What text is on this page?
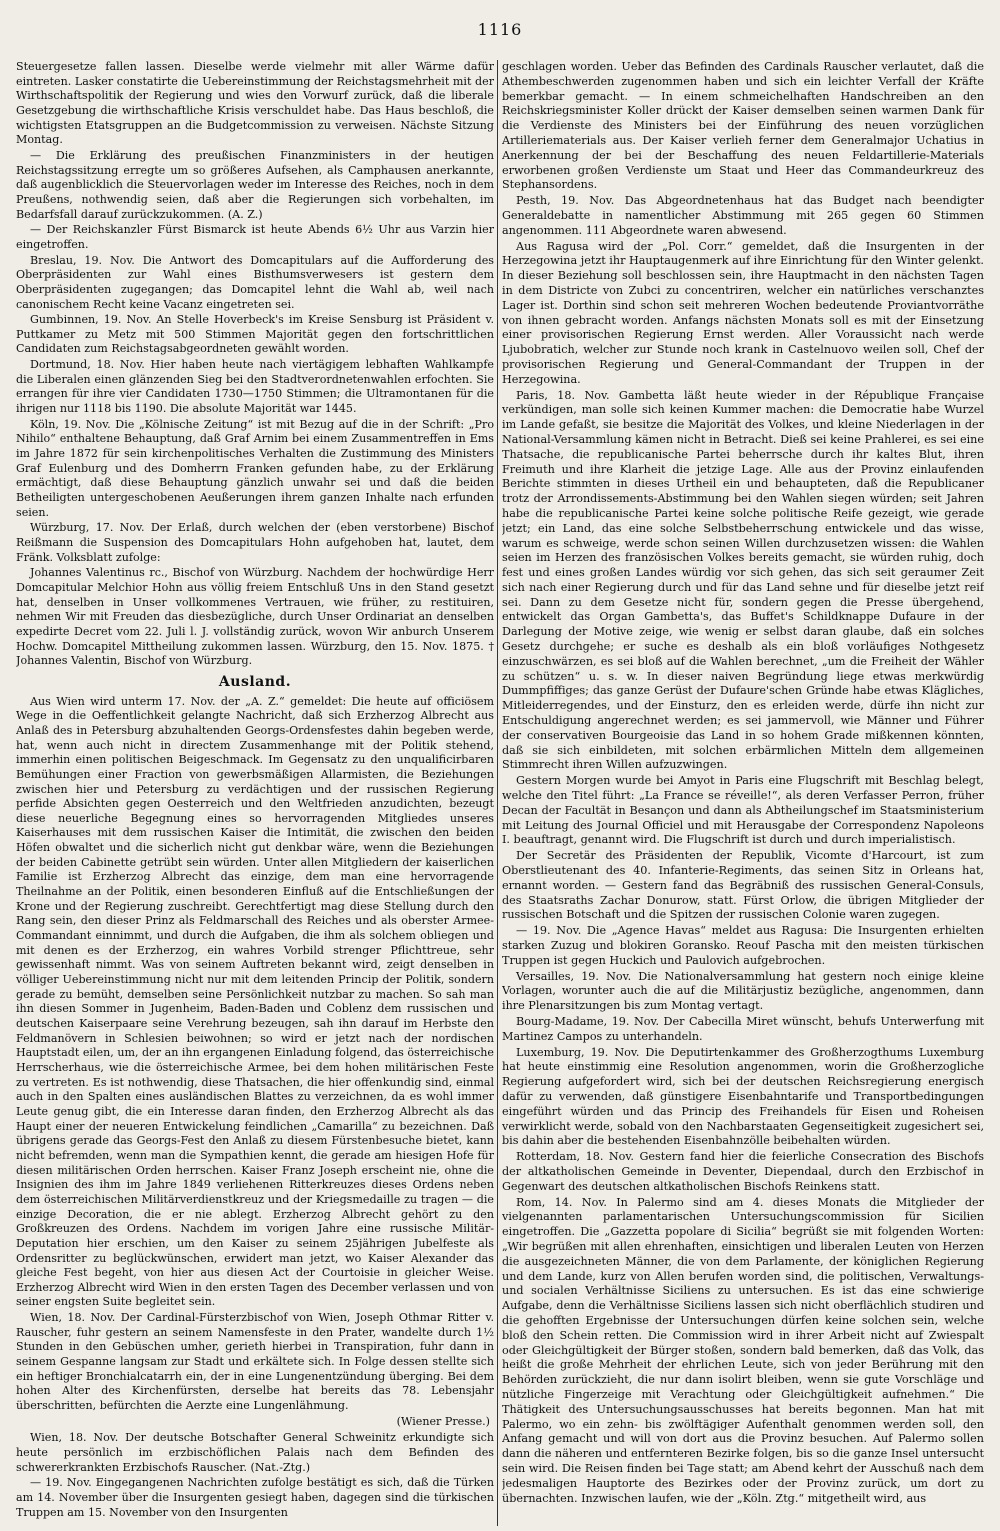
1116

Steuergesetze fallen lassen. Dieselbe werde vielmehr mit aller Wärme dafür eintreten. Lasker constatirte die Uebereinstimmung der Reichstagsmehrheit mit der Wirthschaftspolitik der Regierung und wies den Vorwurf zurück, daß die liberale Gesetzgebung die wirthschaftliche Krisis verschuldet habe. Das Haus beschloß, die wichtigsten Etatsgruppen an die Budgetcommission zu verweisen. Nächste Sitzung Montag.

— Die Erklärung des preußischen Finanzministers in der heutigen Reichstagssitzung erregte um so größeres Aufsehen, als Camphausen anerkannte, daß augenblicklich die Steuervorlagen weder im Interesse des Reiches, noch in dem Preußens, nothwendig seien, daß aber die Regierungen sich vorbehalten, im Bedarfsfall darauf zurückzukommen. (A. Z.)

— Der Reichskanzler Fürst Bismarck ist heute Abends 6½ Uhr aus Varzin hier eingetroffen.

Breslau, 19. Nov. Die Antwort des Domcapitulars auf die Aufforderung des Oberpräsidenten zur Wahl eines Bisthumsverwesers ist gestern dem Oberpräsidenten zugegangen; das Domcapitel lehnt die Wahl ab, weil nach canonischem Recht keine Vacanz eingetreten sei.

Gumbinnen, 19. Nov. An Stelle Hoverbeck's im Kreise Sensburg ist Präsident v. Puttkamer zu Metz mit 500 Stimmen Majorität gegen den fortschrittlichen Candidaten zum Reichstagsabgeordneten gewählt worden.

Dortmund, 18. Nov. Hier haben heute nach viertägigem lebhaften Wahlkampfe die Liberalen einen glänzenden Sieg bei den Stadtverordnetenwahlen erfochten. Sie errangen für ihre vier Candidaten 1730—1750 Stimmen; die Ultramontanen für die ihrigen nur 1118 bis 1190. Die absolute Majorität war 1445.

Köln, 19. Nov. Die „Kölnische Zeitung“ ist mit Bezug auf die in der Schrift: „Pro Nihilo“ enthaltene Behauptung, daß Graf Arnim bei einem Zusammentreffen in Ems im Jahre 1872 für sein kirchenpolitisches Verhalten die Zustimmung des Ministers Graf Eulenburg und des Domherrn Franken gefunden habe, zu der Erklärung ermächtigt, daß diese Behauptung gänzlich unwahr sei und daß die beiden Betheiligten untergeschobenen Aeußerungen ihrem ganzen Inhalte nach erfunden seien.

Würzburg, 17. Nov. Der Erlaß, durch welchen der (eben verstorbene) Bischof Reißmann die Suspension des Domcapitulars Hohn aufgehoben hat, lautet, dem Fränk. Volksblatt zufolge:

Johannes Valentinus rc., Bischof von Würzburg. Nachdem der hochwürdige Herr Domcapitular Melchior Hohn aus völlig freiem Entschluß Uns in den Stand gesetzt hat, denselben in Unser vollkommenes Vertrauen, wie früher, zu restituiren, nehmen Wir mit Freuden das diesbezügliche, durch Unser Ordinariat an denselben expedirte Decret vom 22. Juli l. J. vollständig zurück, wovon Wir anburch Unserem Hochw. Domcapitel Mittheilung zukommen lassen. Würzburg, den 15. Nov. 1875. † Johannes Valentin, Bischof von Würzburg.

Ausland.

Aus Wien wird unterm 17. Nov. der „A. Z.“ gemeldet: Die heute auf officiösem Wege in die Oeffentlichkeit gelangte Nachricht, daß sich Erzherzog Albrecht aus Anlaß des in Petersburg abzuhaltenden Georgs-Ordensfestes dahin begeben werde, hat, wenn auch nicht in directem Zusammenhange mit der Politik stehend, immerhin einen politischen Beigeschmack. Im Gegensatz zu den unqualificirbaren Bemühungen einer Fraction von gewerbsmäßigen Allarmisten, die Beziehungen zwischen hier und Petersburg zu verdächtigen und der russischen Regierung perfide Absichten gegen Oesterreich und den Weltfrieden anzudichten, bezeugt diese neuerliche Begegnung eines so hervorragenden Mitgliedes unseres Kaiserhauses mit dem russischen Kaiser die Intimität, die zwischen den beiden Höfen obwaltet und die sicherlich nicht gut denkbar wäre, wenn die Beziehungen der beiden Cabinette getrübt sein würden. Unter allen Mitgliedern der kaiserlichen Familie ist Erzherzog Albrecht das einzige, dem man eine hervorragende Theilnahme an der Politik, einen besonderen Einfluß auf die Entschließungen der Krone und der Regierung zuschreibt. Gerechtfertigt mag diese Stellung durch den Rang sein, den dieser Prinz als Feldmarschall des Reiches und als oberster Armee-Commandant einnimmt, und durch die Aufgaben, die ihm als solchem obliegen und mit denen es der Erzherzog, ein wahres Vorbild strenger Pflichttreue, sehr gewissenhaft nimmt. Was von seinem Auftreten bekannt wird, zeigt denselben in völliger Uebereinstimmung nicht nur mit dem leitenden Princip der Politik, sondern gerade zu bemüht, demselben seine Persönlichkeit nutzbar zu machen. So sah man ihn diesen Sommer in Jugenheim, Baden-Baden und Coblenz dem russischen und deutschen Kaiserpaare seine Verehrung bezeugen, sah ihn darauf im Herbste den Feldmanövern in Schlesien beiwohnen; so wird er jetzt nach der nordischen Hauptstadt eilen, um, der an ihn ergangenen Einladung folgend, das österreichische Herrscherhaus, wie die österreichische Armee, bei dem hohen militärischen Feste zu vertreten. Es ist nothwendig, diese Thatsachen, die hier offenkundig sind, einmal auch in den Spalten eines ausländischen Blattes zu verzeichnen, da es wohl immer Leute genug gibt, die ein Interesse daran finden, den Erzherzog Albrecht als das Haupt einer der neueren Entwickelung feindlichen „Camarilla“ zu bezeichnen. Daß übrigens gerade das Georgs-Fest den Anlaß zu diesem Fürstenbesuche bietet, kann nicht befremden, wenn man die Sympathien kennt, die gerade am hiesigen Hofe für diesen militärischen Orden herrschen. Kaiser Franz Joseph erscheint nie, ohne die Insignien des ihm im Jahre 1849 verliehenen Ritterkreuzes dieses Ordens neben dem österreichischen Militärverdienstkreuz und der Kriegsmedaille zu tragen — die einzige Decoration, die er nie ablegt. Erzherzog Albrecht gehört zu den Großkreuzen des Ordens. Nachdem im vorigen Jahre eine russische Militär-Deputation hier erschien, um den Kaiser zu seinem 25jährigen Jubelfeste als Ordensritter zu beglückwünschen, erwidert man jetzt, wo Kaiser Alexander das gleiche Fest begeht, von hier aus diesen Act der Courtoisie in gleicher Weise. Erzherzog Albrecht wird Wien in den ersten Tagen des December verlassen und von seiner engsten Suite begleitet sein.

Wien, 18. Nov. Der Cardinal-Fürsterzbischof von Wien, Joseph Othmar Ritter v. Rauscher, fuhr gestern an seinem Namensfeste in den Prater, wandelte durch 1½ Stunden in den Gebüschen umher, gerieth hierbei in Transpiration, fuhr dann in seinem Gespanne langsam zur Stadt und erkältete sich. In Folge dessen stellte sich ein heftiger Bronchialcatarrh ein, der in eine Lungenentzündung überging. Bei dem hohen Alter des Kirchenfürsten, derselbe hat bereits das 78. Lebensjahr überschritten, befürchten die Aerzte eine Lungenlähmung.

(Wiener Presse.)

Wien, 18. Nov. Der deutsche Botschafter General Schweinitz erkundigte sich heute persönlich im erzbischöflichen Palais nach dem Befinden des schwererkrankten Erzbischofs Rauscher. (Nat.-Ztg.)

— 19. Nov. Eingegangenen Nachrichten zufolge bestätigt es sich, daß die Türken am 14. November über die Insurgenten gesiegt haben, dagegen sind die türkischen Truppen am 15. November von den Insurgenten

geschlagen worden. Ueber das Befinden des Cardinals Rauscher verlautet, daß die Athembeschwerden zugenommen haben und sich ein leichter Verfall der Kräfte bemerkbar gemacht. — In einem schmeichelhaften Handschreiben an den Reichskriegsminister Koller drückt der Kaiser demselben seinen warmen Dank für die Verdienste des Ministers bei der Einführung des neuen vorzüglichen Artilleriematerials aus. Der Kaiser verlieh ferner dem Generalmajor Uchatius in Anerkennung der bei der Beschaffung des neuen Feldartillerie-Materials erworbenen großen Verdienste um Staat und Heer das Commandeurkreuz des Stephansordens.

Pesth, 19. Nov. Das Abgeordnetenhaus hat das Budget nach beendigter Generaldebatte in namentlicher Abstimmung mit 265 gegen 60 Stimmen angenommen. 111 Abgeordnete waren abwesend.

Aus Ragusa wird der „Pol. Corr.“ gemeldet, daß die Insurgenten in der Herzegowina jetzt ihr Hauptaugenmerk auf ihre Einrichtung für den Winter gelenkt. In dieser Beziehung soll beschlossen sein, ihre Hauptmacht in den nächsten Tagen in dem Districte von Zubci zu concentriren, welcher ein natürliches verschanztes Lager ist. Dorthin sind schon seit mehreren Wochen bedeutende Proviantvorräthe von ihnen gebracht worden. Anfangs nächsten Monats soll es mit der Einsetzung einer provisorischen Regierung Ernst werden. Aller Voraussicht nach werde Ljubobratich, welcher zur Stunde noch krank in Castelnuovo weilen soll, Chef der provisorischen Regierung und General-Commandant der Truppen in der Herzegowina.

Paris, 18. Nov. Gambetta läßt heute wieder in der République Française verkündigen, man solle sich keinen Kummer machen: die Democratie habe Wurzel im Lande gefaßt, sie besitze die Majorität des Volkes, und kleine Niederlagen in der National-Versammlung kämen nicht in Betracht. Dieß sei keine Prahlerei, es sei eine Thatsache, die republicanische Partei beherrsche durch ihr kaltes Blut, ihren Freimuth und ihre Klarheit die jetzige Lage. Alle aus der Provinz einlaufenden Berichte stimmten in dieses Urtheil ein und behaupteten, daß die Republicaner trotz der Arrondissements-Abstimmung bei den Wahlen siegen würden; seit Jahren habe die republicanische Partei keine solche politische Reife gezeigt, wie gerade jetzt; ein Land, das eine solche Selbstbeherrschung entwickele und das wisse, warum es schweige, werde schon seinen Willen durchzusetzen wissen: die Wahlen seien im Herzen des französischen Volkes bereits gemacht, sie würden ruhig, doch fest und eines großen Landes würdig vor sich gehen, das sich seit geraumer Zeit sich nach einer Regierung durch und für das Land sehne und für dieselbe jetzt reif sei. Dann zu dem Gesetze nicht für, sondern gegen die Presse übergehend, entwickelt das Organ Gambetta's, das Buffet's Schildknappe Dufaure in der Darlegung der Motive zeige, wie wenig er selbst daran glaube, daß ein solches Gesetz durchgehe; er suche es deshalb als ein bloß vorläufiges Nothgesetz einzuschwärzen, es sei bloß auf die Wahlen berechnet, „um die Freiheit der Wähler zu schützen“ u. s. w. In dieser naiven Begründung liege etwas merkwürdig Dummpfiffiges; das ganze Gerüst der Dufaure'schen Gründe habe etwas Klägliches, Mitleiderregendes, und der Einsturz, den es erleiden werde, dürfe ihn nicht zur Entschuldigung angerechnet werden; es sei jammervoll, wie Männer und Führer der conservativen Bourgeoisie das Land in so hohem Grade mißkennen könnten, daß sie sich einbildeten, mit solchen erbärmlichen Mitteln dem allgemeinen Stimmrecht ihren Willen aufzuzwingen.

Gestern Morgen wurde bei Amyot in Paris eine Flugschrift mit Beschlag belegt, welche den Titel führt: „La France se réveille!“, als deren Verfasser Perron, früher Decan der Facultät in Besançon und dann als Abtheilungschef im Staatsministerium mit Leitung des Journal Officiel und mit Herausgabe der Correspondenz Napoleons I. beauftragt, genannt wird. Die Flugschrift ist durch und durch imperialistisch.

Der Secretär des Präsidenten der Republik, Vicomte d'Harcourt, ist zum Oberstlieutenant des 40. Infanterie-Regiments, das seinen Sitz in Orleans hat, ernannt worden. — Gestern fand das Begräbniß des russischen General-Consuls, des Staatsraths Zachar Donurow, statt. Fürst Orlow, die übrigen Mitglieder der russischen Botschaft und die Spitzen der russischen Colonie waren zugegen.

— 19. Nov. Die „Agence Havas“ meldet aus Ragusa: Die Insurgenten erhielten starken Zuzug und blokiren Goransko. Reouf Pascha mit den meisten türkischen Truppen ist gegen Huckich und Paulovich aufgebrochen.

Versailles, 19. Nov. Die Nationalversammlung hat gestern noch einige kleine Vorlagen, worunter auch die auf die Militärjustiz bezügliche, angenommen, dann ihre Plenarsitzungen bis zum Montag vertagt.

Bourg-Madame, 19. Nov. Der Cabecilla Miret wünscht, behufs Unterwerfung mit Martinez Campos zu unterhandeln.

Luxemburg, 19. Nov. Die Deputirtenkammer des Großherzogthums Luxemburg hat heute einstimmig eine Resolution angenommen, worin die Großherzogliche Regierung aufgefordert wird, sich bei der deutschen Reichsregierung energisch dafür zu verwenden, daß günstigere Eisenbahntarife und Transportbedingungen eingeführt würden und das Princip des Freihandels für Eisen und Roheisen verwirklicht werde, sobald von den Nachbarstaaten Gegenseitigkeit zugesichert sei, bis dahin aber die bestehenden Eisenbahnzölle beibehalten würden.

Rotterdam, 18. Nov. Gestern fand hier die feierliche Consecration des Bischofs der altkatholischen Gemeinde in Deventer, Diependaal, durch den Erzbischof in Gegenwart des deutschen altkatholischen Bischofs Reinkens statt.

Rom, 14. Nov. In Palermo sind am 4. dieses Monats die Mitglieder der vielgenannten parlamentarischen Untersuchungscommission für Sicilien eingetroffen. Die „Gazzetta popolare di Sicilia“ begrüßt sie mit folgenden Worten: „Wir begrüßen mit allen ehrenhaften, einsichtigen und liberalen Leuten von Herzen die ausgezeichneten Männer, die von dem Parlamente, der königlichen Regierung und dem Lande, kurz von Allen berufen worden sind, die politischen, Verwaltungs- und socialen Verhältnisse Siciliens zu untersuchen. Es ist das eine schwierige Aufgabe, denn die Verhältnisse Siciliens lassen sich nicht oberflächlich studiren und die gehofften Ergebnisse der Untersuchungen dürfen keine solchen sein, welche bloß den Schein retten. Die Commission wird in ihrer Arbeit nicht auf Zwiespalt oder Gleichgültigkeit der Bürger stoßen, sondern bald bemerken, daß das Volk, das heißt die große Mehrheit der ehrlichen Leute, sich von jeder Berührung mit den Behörden zurückzieht, die nur dann isolirt bleiben, wenn sie gute Vorschläge und nützliche Fingerzeige mit Verachtung oder Gleichgültigkeit aufnehmen.“ Die Thätigkeit des Untersuchungsausschusses hat bereits begonnen. Man hat mit Palermo, wo ein zehn- bis zwölftägiger Aufenthalt genommen werden soll, den Anfang gemacht und will von dort aus die Provinz besuchen. Auf Palermo sollen dann die näheren und entfernteren Bezirke folgen, bis so die ganze Insel untersucht sein wird. Die Reisen finden bei Tage statt; am Abend kehrt der Ausschuß nach dem jedesmaligen Hauptorte des Bezirkes oder der Provinz zurück, um dort zu übernachten. Inzwischen laufen, wie der „Köln. Ztg.“ mitgetheilt wird, aus
